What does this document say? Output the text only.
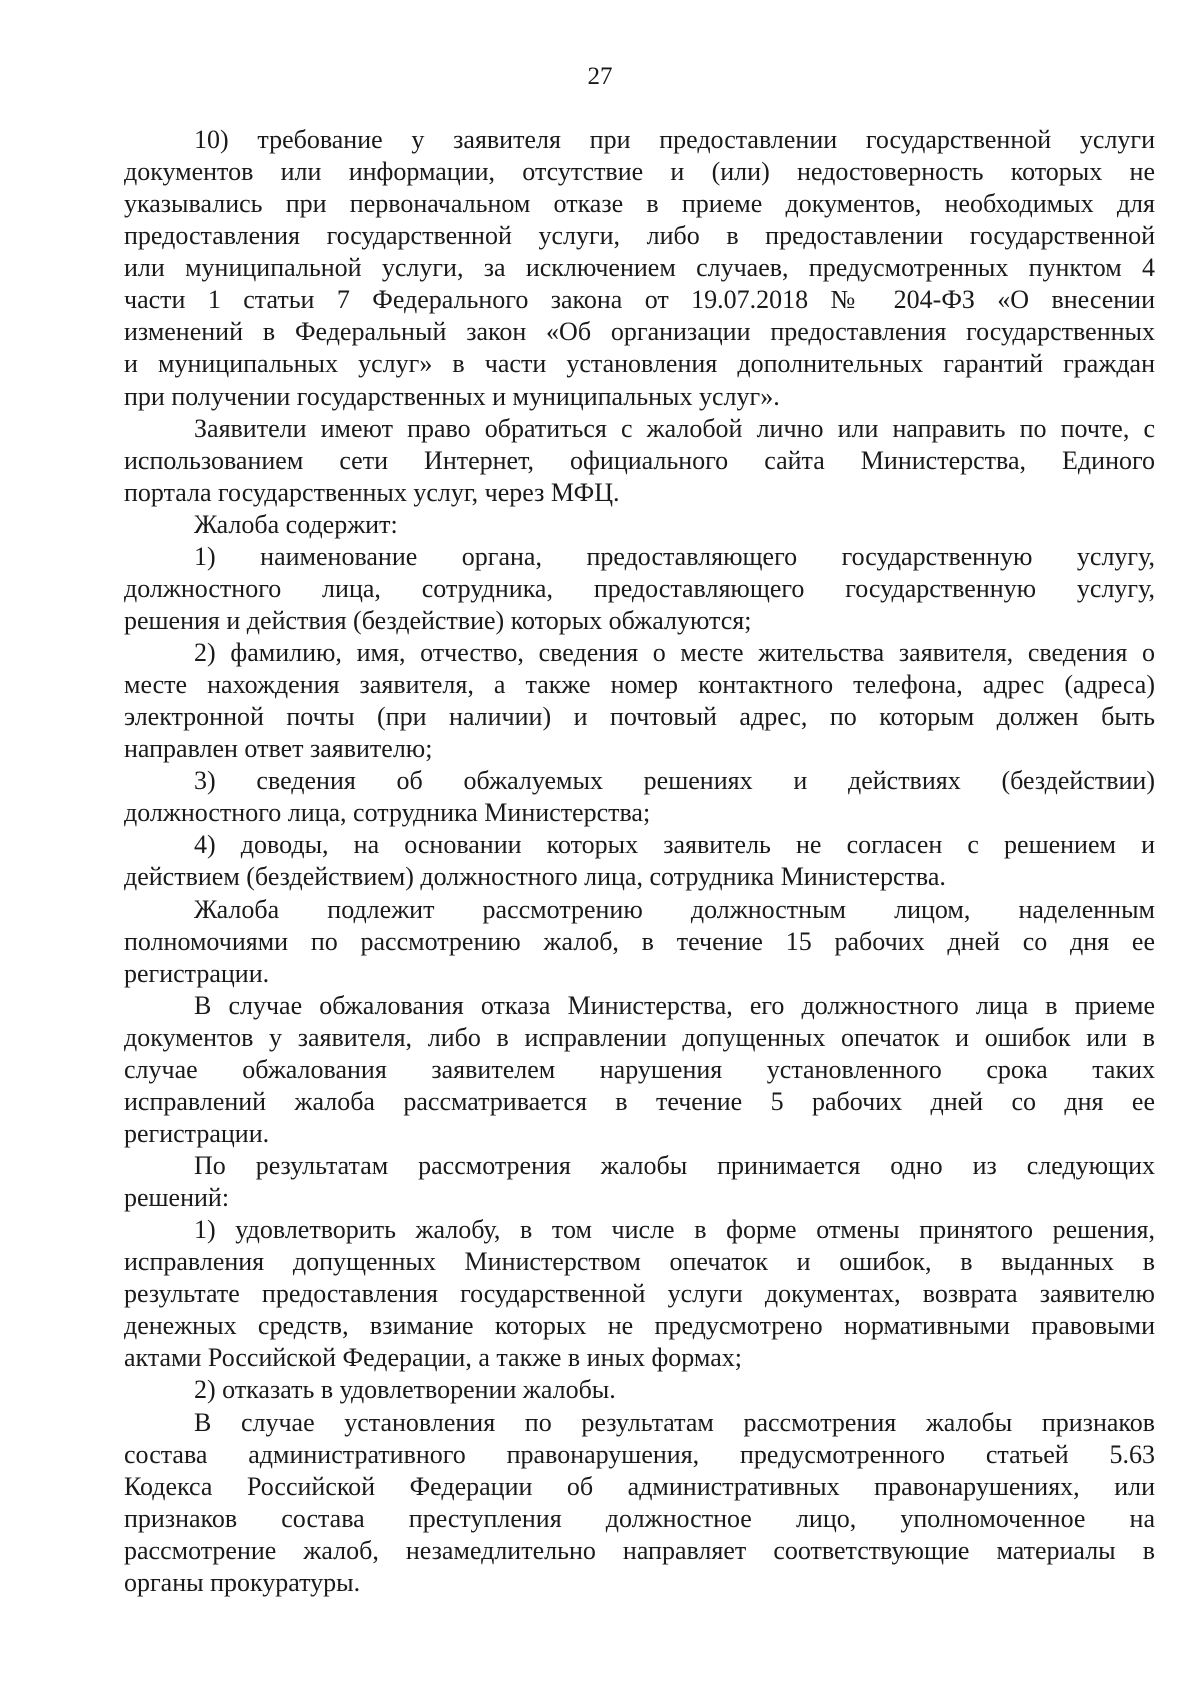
27
10) требование у заявителя при предоставлении государственной услуги
документов или информации, отсутствие и (или) недостоверность которых не
указывались при первоначальном отказе в приеме документов, необходимых для
предоставления государственной услуги, либо в предоставлении государственной
или муниципальной услуги, за исключением случаев, предусмотренных пунктом 4
части 1 статьи 7 Федерального закона от 19.07.2018 № 204-ФЗ «О внесении
изменений в Федеральный закон «Об организации предоставления государственных
и муниципальных услуг» в части установления дополнительных гарантий граждан
при получении государственных и муниципальных услуг».
Заявители имеют право обратиться с жалобой лично или направить по почте, с
использованием сети Интернет, официального сайта Министерства, Единого
портала государственных услуг, через МФЦ.
Жалоба содержит:
1) наименование органа, предоставляющего государственную услугу,
должностного лица, сотрудника, предоставляющего государственную услугу,
решения и действия (бездействие) которых обжалуются;
2) фамилию, имя, отчество, сведения о месте жительства заявителя, сведения о
месте нахождения заявителя, а также номер контактного телефона, адрес (адреса)
электронной почты (при наличии) и почтовый адрес, по которым должен быть
направлен ответ заявителю;
3) сведения об обжалуемых решениях и действиях (бездействии)
должностного лица, сотрудника Министерства;
4) доводы, на основании которых заявитель не согласен с решением и
действием (бездействием) должностного лица, сотрудника Министерства.
Жалоба подлежит рассмотрению должностным лицом, наделенным
полномочиями по рассмотрению жалоб, в течение 15 рабочих дней со дня ее
регистрации.
В случае обжалования отказа Министерства, его должностного лица в приеме
документов у заявителя, либо в исправлении допущенных опечаток и ошибок или в
случае обжалования заявителем нарушения установленного срока таких
исправлений жалоба рассматривается в течение 5 рабочих дней со дня ее
регистрации.
По результатам рассмотрения жалобы принимается одно из следующих
решений:
1) удовлетворить жалобу, в том числе в форме отмены принятого решения,
исправления допущенных Министерством опечаток и ошибок, в выданных в
результате предоставления государственной услуги документах, возврата заявителю
денежных средств, взимание которых не предусмотрено нормативными правовыми
актами Российской Федерации, а также в иных формах;
2) отказать в удовлетворении жалобы.
В случае установления по результатам рассмотрения жалобы признаков
состава административного правонарушения, предусмотренного статьей 5.63
Кодекса Российской Федерации об административных правонарушениях, или
признаков состава преступления должностное лицо, уполномоченное на
рассмотрение жалоб, незамедлительно направляет соответствующие материалы в
органы прокуратуры.
